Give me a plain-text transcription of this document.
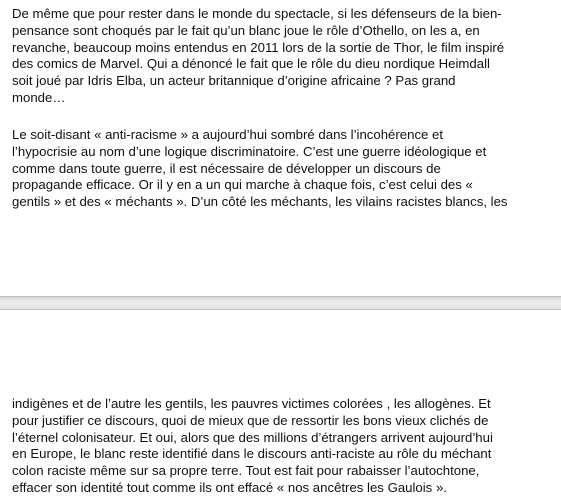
De même que pour rester dans le monde du spectacle, si les défenseurs de la bien-
pensance sont choqués par le fait qu’un blanc joue le rôle d’Othello, on les a, en
revanche, beaucoup moins entendus en 2011 lors de la sortie de Thor, le film inspiré
des comics de Marvel. Qui a dénoncé le fait que le rôle du dieu nordique Heimdall
soit joué par Idris Elba, un acteur britannique d’origine africaine ? Pas grand
monde…

Le soit-disant « anti-racisme » a aujourd’hui sombré dans l’incohérence et
l’hypocrisie au nom d’une logique discriminatoire. C’est une guerre idéologique et
comme dans toute guerre, il est nécessaire de développer un discours de
propagande efficace. Or il y en a un qui marche à chaque fois, c’est celui des «
gentils » et des « méchants ». D’un côté les méchants, les vilains racistes blancs, les

indigènes et de l’autre les gentils, les pauvres victimes colorées , les allogènes. Et
pour justifier ce discours, quoi de mieux que de ressortir les bons vieux clichés de
l’éternel colonisateur. Et oui, alors que des millions d’étrangers arrivent aujourd’hui
en Europe, le blanc reste identifié dans le discours anti-raciste au rôle du méchant
colon raciste même sur sa propre terre. Tout est fait pour rabaisser l’autochtone,
effacer son identité tout comme ils ont effacé « nos ancêtres les Gaulois ».
